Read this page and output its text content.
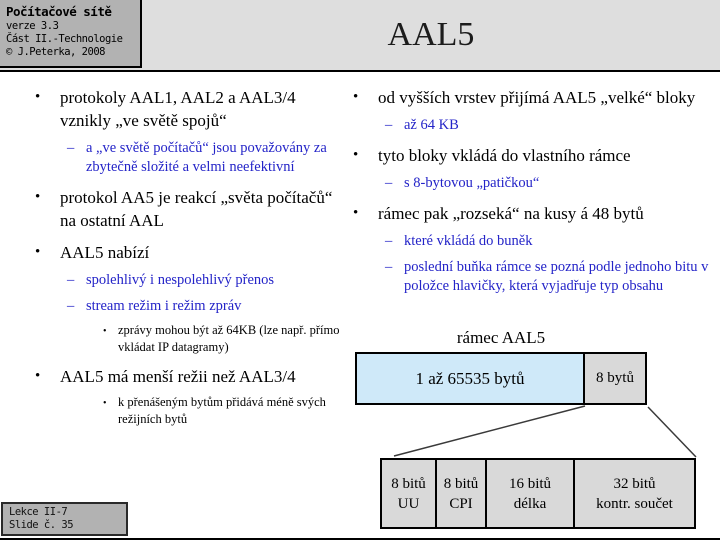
Počítačové sítě
verze 3.3
Část II.-Technologie
© J.Peterka, 2008	AAL5
• protokoly AAL1, AAL2 a AAL3/4 vznikly „ve světě spojů“
– a „ve světě počítačů“ jsou považovány za zbytečně složité a velmi neefektivní
• protokol AA5 je reakcí „světa počítačů“ na ostatní AAL
• AAL5 nabízí
– spolehlivý i nespolehlivý přenos
– stream režim i režim zpráv
• zprávy mohou být až 64KB (lze např. přímo vkládat IP datagramy)
• AAL5 má menší režii než AAL3/4
• k přenášeným bytům přidává méně svých režijních bytů
• od vyšších vrstev přijímá AAL5 „velké“ bloky
– až 64 KB
• tyto bloky vkládá do vlastního rámce
– s 8-bytovou „patičkou“
• rámec pak „rozseká“ na kusy á 48 bytů
– které vkládá do buněk
– poslední buňka rámce se pozná podle jednoho bitu v položce hlavičky, která vyjadřuje typ obsahu
rámec AAL5
1 až 65535 bytů	8 bytů
8 bitů
UU
8 bitů
CPI
16 bitů
délka
32 bitů
kontr. součet
Lekce II-7
Slide č. 35
